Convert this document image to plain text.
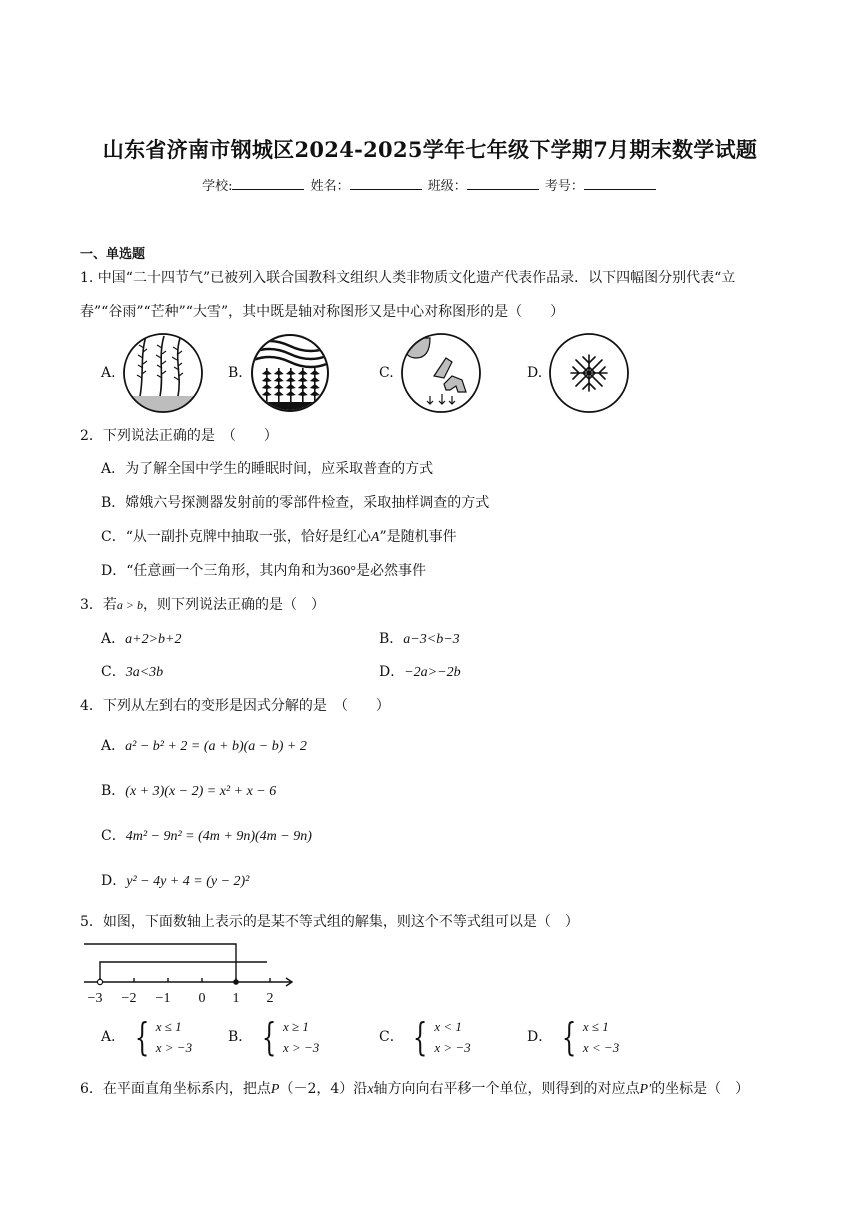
山东省济南市钢城区2024-2025学年七年级下学期7月期末数学试题
学校:	姓名：	班级：	考号：
一、单选题
1. 中国“二十四节气”已被列入联合国教科文组织人类非物质文化遗产代表作品录．以下四幅图分别代表“立
春”“谷雨”“芒种”“大雪”，其中既是轴对称图形又是中心对称图形的是（　　）
A.	B.	C.	D.
2．下列说法正确的是　（　　）
A．为了解全国中学生的睡眠时间，应采取普查的方式
B．嫦娥六号探测器发射前的零部件检查，采取抽样调查的方式
C．“从一副扑克牌中抽取一张，恰好是红心A”是随机事件
D．“任意画一个三角形，其内角和为360°是必然事件
3．若a > b，则下列说法正确的是（　）
A．a+2>b+2	B．a−3<b−3
C．3a<3b	D．−2a>−2b
4．下列从左到右的变形是因式分解的是　（　　）
A．a² − b² + 2 = (a + b)(a − b) + 2
B．(x + 3)(x − 2) = x² + x − 6
C．4m² − 9n² = (4m + 9n)(4m − 9n)
D．y² − 4y + 4 = (y − 2)²
5．如图，下面数轴上表示的是某不等式组的解集，则这个不等式组可以是（　）
−3 −2 −1 0 1 2
A． { x ≤ 1
x > −3
B． { x ≥ 1
x > −3
C． { x < 1
x > −3
D． { x ≤ 1
x < −3
6．在平面直角坐标系内，把点P（－2，4）沿x轴方向向右平移一个单位，则得到的对应点P′的坐标是（　）
